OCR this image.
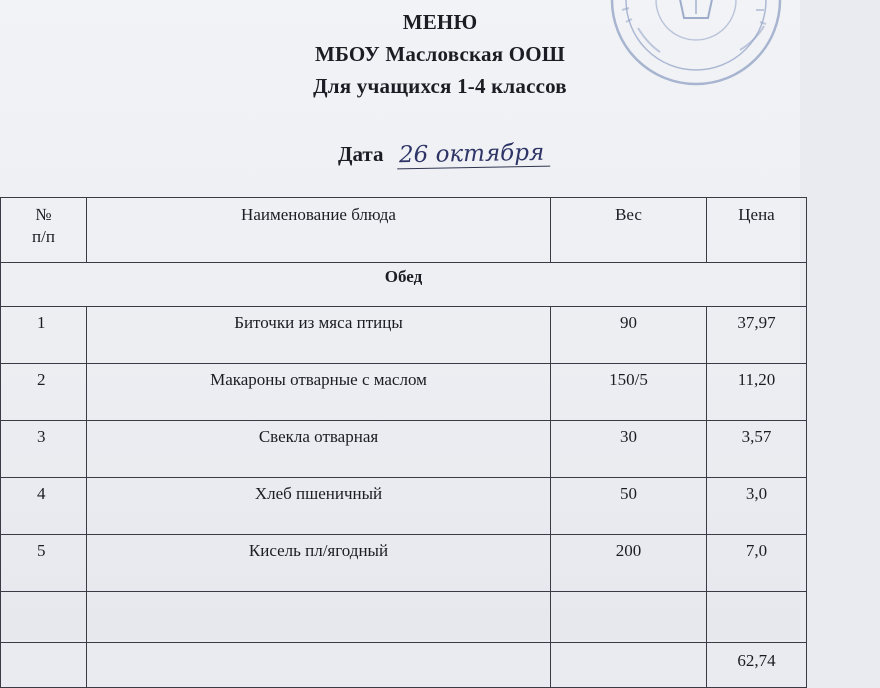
МЕНЮ
МБОУ Масловская ООШ
Для учащихся 1-4 классов
Дата 26 октября
№
п/п	Наименование блюда	Вес	Цена
Обед			
1	Биточки из мяса птицы	90	37,97
2	Макароны отварные с маслом	150/5	11,20
3	Свекла отварная	30	3,57
4	Хлеб пшеничный	50	3,0
5	Кисель пл/ягодный	200	7,0

			62,74
